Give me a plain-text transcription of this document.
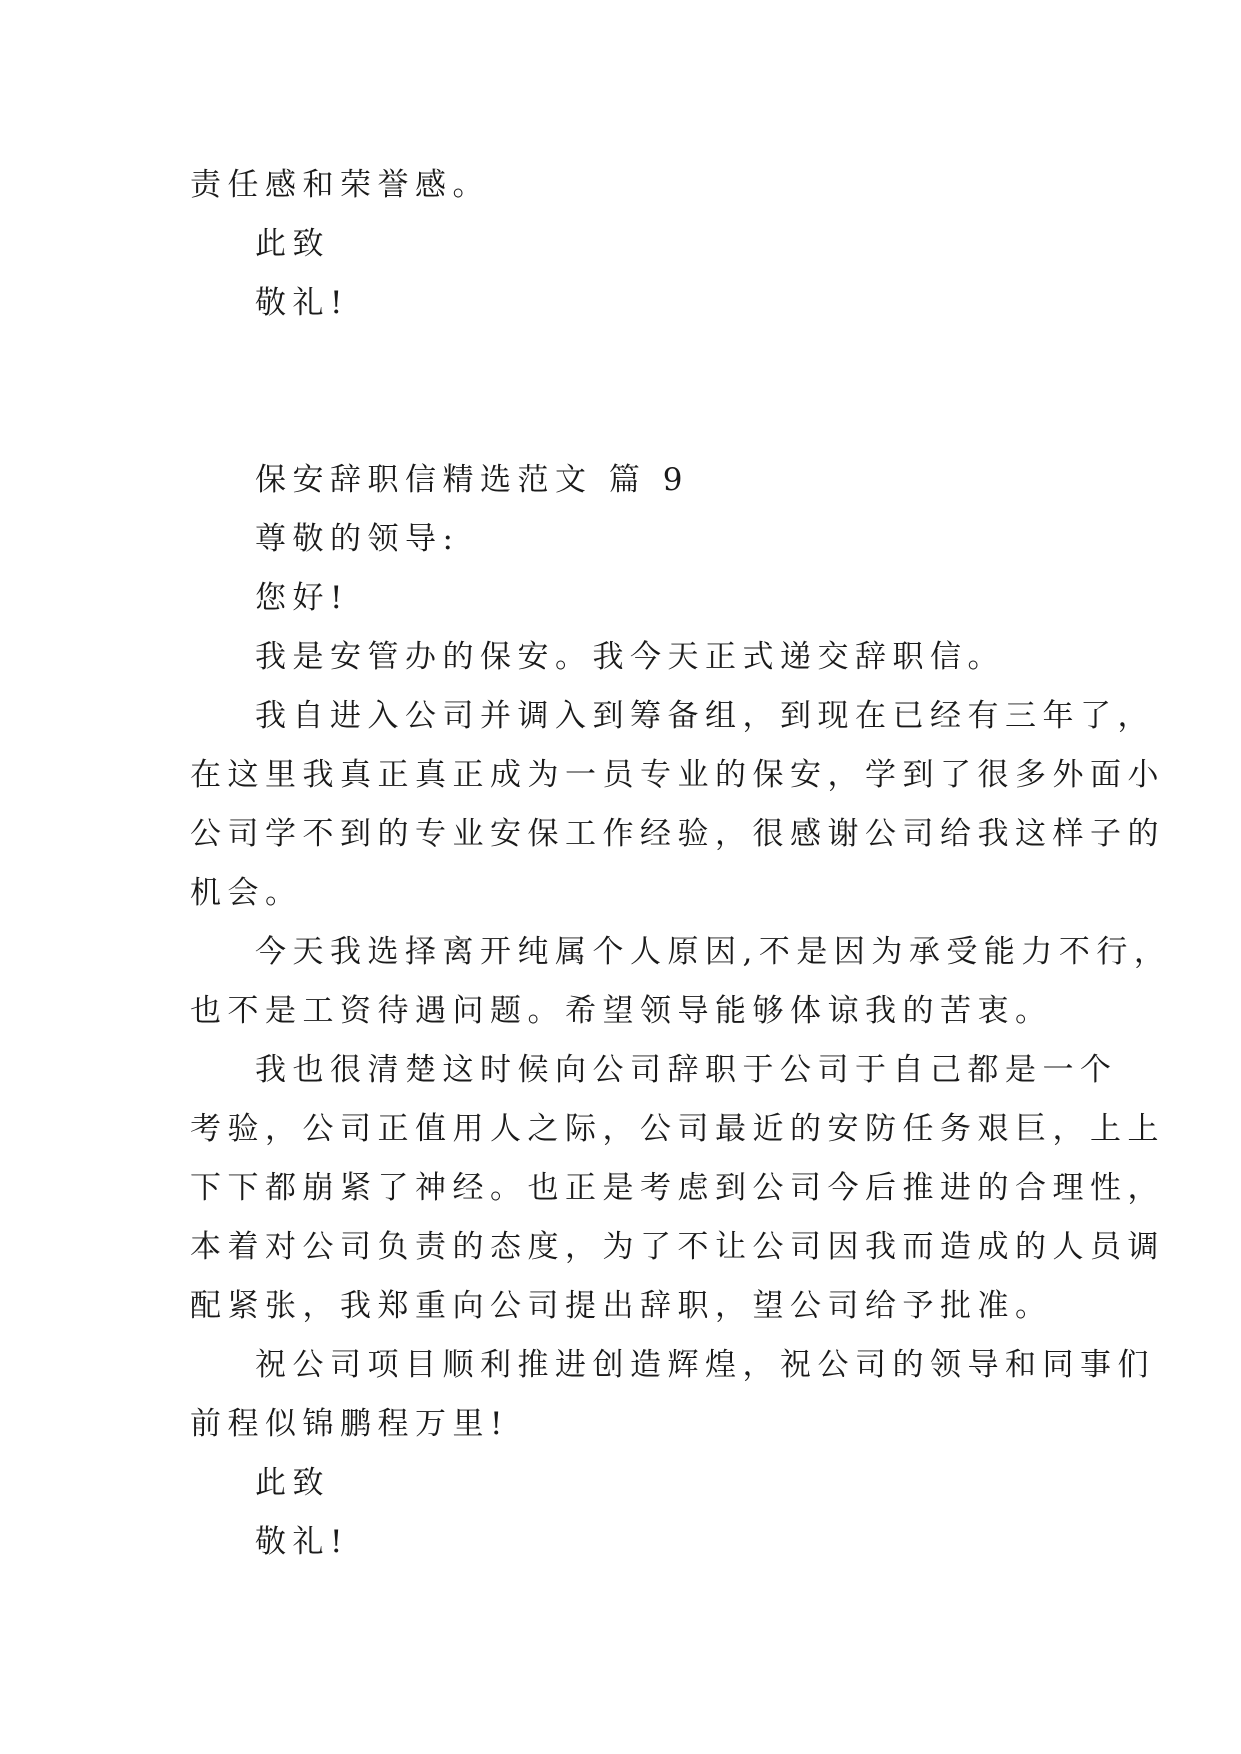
责任感和荣誉感。
此致
敬礼!
保安辞职信精选范文 篇 9
尊敬的领导:
您好!
我是安管办的保安。我今天正式递交辞职信。
我自进入公司并调入到筹备组，到现在已经有三年了，
在这里我真正真正成为一员专业的保安，学到了很多外面小
公司学不到的专业安保工作经验，很感谢公司给我这样子的
机会。
今天我选择离开纯属个人原因,不是因为承受能力不行，
也不是工资待遇问题。希望领导能够体谅我的苦衷。
我也很清楚这时候向公司辞职于公司于自己都是一个
考验，公司正值用人之际，公司最近的安防任务艰巨，上上
下下都崩紧了神经。也正是考虑到公司今后推进的合理性，
本着对公司负责的态度，为了不让公司因我而造成的人员调
配紧张，我郑重向公司提出辞职，望公司给予批准。
祝公司项目顺利推进创造辉煌，祝公司的领导和同事们
前程似锦鹏程万里!
此致
敬礼!
